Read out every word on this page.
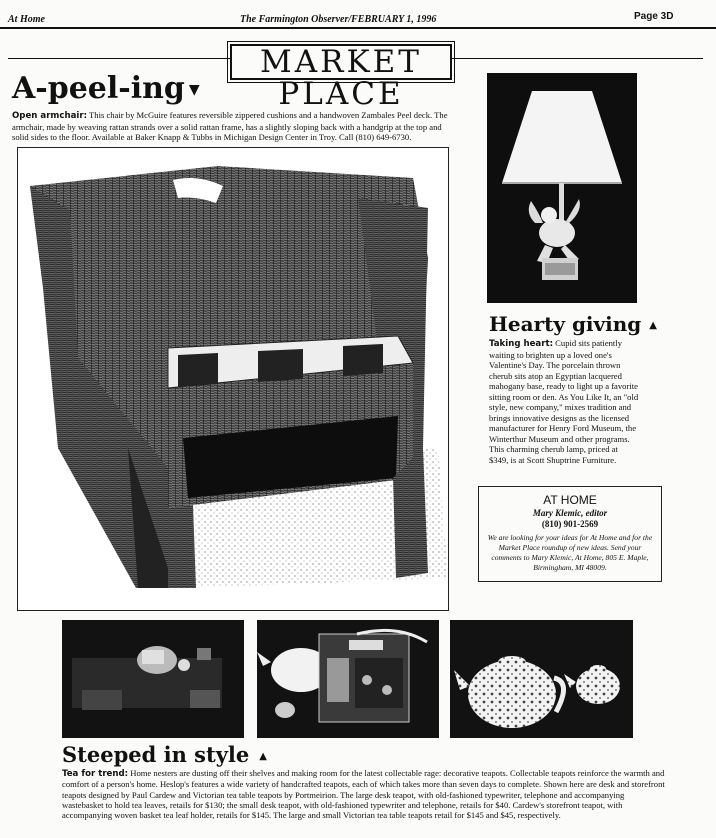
At Home	The Farmington Observer/FEBRUARY 1, 1996	Page 3D
MARKET PLACE
A-peel-ing ▼
Open armchair: This chair by McGuire features reversible zippered cushions and a handwoven Zambales Peel deck. The armchair, made by weaving rattan strands over a solid rattan frame, has a slightly sloping back with a handgrip at the top and solid sides to the floor. Available at Baker Knapp & Tubbs in Michigan Design Center in Troy. Call (810) 649-6730.
Hearty giving ▲
Taking heart: Cupid sits patiently waiting to brighten up a loved one's Valentine's Day. The porcelain thrown cherub sits atop an Egyptian lacquered mahogany base, ready to light up a favorite sitting room or den. As You Like It, an "old style, new company," mixes tradition and brings innovative designs as the licensed manufacturer for Henry Ford Museum, the Winterthur Museum and other programs. This charming cherub lamp, priced at $349, is at Scott Shuptrine Furniture.
AT HOME
Mary Klemic, editor
(810) 901-2569
We are looking for your ideas for At Home and for the Market Place roundup of new ideas. Send your comments to Mary Klemic, At Home, 805 E. Maple, Birmingham, MI 48009.
Steeped in style ▲
Tea for trend: Home nesters are dusting off their shelves and making room for the latest collectable rage: decorative teapots. Collectable teapots reinforce the warmth and comfort of a person's home. Heslop's features a wide variety of handcrafted teapots, each of which takes more than seven days to complete. Shown here are desk and storefront teapots designed by Paul Cardew and Victorian tea table teapots by Portmeirion. The large desk teapot, with old-fashioned typewriter, telephone and accompanying wastebasket to hold tea leaves, retails for $130; the small desk teapot, with old-fashioned typewriter and telephone, retails for $40. Cardew's storefront teapot, with accompanying woven basket tea leaf holder, retails for $145. The large and small Victorian tea table teapots retail for $145 and $45, respectively.
